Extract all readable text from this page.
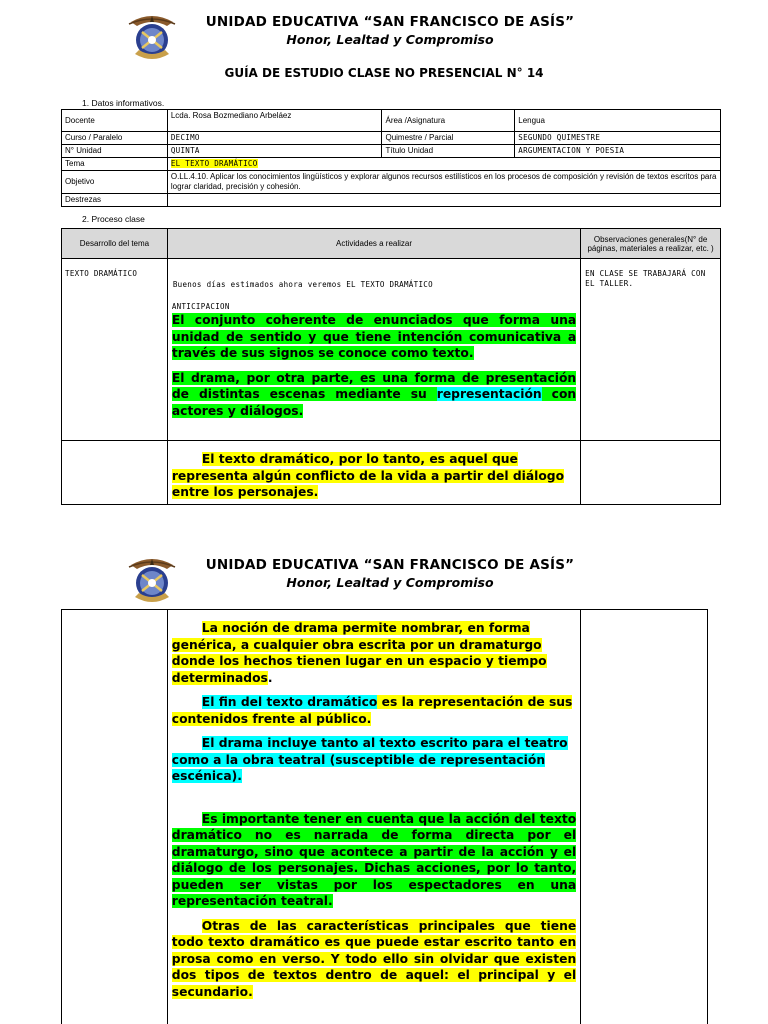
UNIDAD EDUCATIVA “SAN FRANCISCO DE ASÍS”
Honor, Lealtad y Compromiso
GUÍA DE ESTUDIO CLASE NO PRESENCIAL N° 14
1. Datos informativos.
Docente	Lcda. Rosa Bozmediano Arbeláez	Área /Asignatura	Lengua
Curso / Paralelo	DECIMO	Quimestre / Parcial	SEGUNDO QUIMESTRE
N° Unidad	QUINTA	Título Unidad	ARGUMENTACION Y POESIA
Tema	EL TEXTO DRAMÁTICO		
Objetivo	O.LL.4.10. Aplicar los conocimientos lingüísticos y explorar algunos recursos estilísticos en los procesos de composición y revisión de textos escritos para lograr claridad, precisión y cohesión.		
Destrezas			
2. Proceso clase
Desarrollo del tema	Actividades a realizar	Observaciones generales(N° de páginas, materiales a realizar, etc. )
TEXTO DRAMÁTICO	Buenos días estimados ahora veremos EL TEXTO DRAMÁTICO
ANTICIPACION
El conjunto coherente de enunciados que forma una unidad de sentido y que tiene intención comunicativa a través de sus signos se conoce como texto.
El drama, por otra parte, es una forma de presentación de distintas escenas mediante su representación con actores y diálogos.	EN CLASE SE TRABAJARÁ CON EL TALLER.

	El texto dramático, por lo tanto, es aquel que representa algún conflicto de la vida a partir del diálogo entre los personajes.	

UNIDAD EDUCATIVA “SAN FRANCISCO DE ASÍS”
Honor, Lealtad y Compromiso

La noción de drama permite nombrar, en forma genérica, a cualquier obra escrita por un dramaturgo donde los hechos tienen lugar en un espacio y tiempo determinados.
El fin del texto dramático es la representación de sus contenidos frente al público.
El drama incluye tanto al texto escrito para el teatro como a la obra teatral (susceptible de representación escénica).
Es importante tener en cuenta que la acción del texto dramático no es narrada de forma directa por el dramaturgo, sino que acontece a partir de la acción y el diálogo de los personajes. Dichas acciones, por lo tanto, pueden ser vistas por los espectadores en una representación teatral.
Otras de las características principales que tiene todo texto dramático es que puede estar escrito tanto en prosa como en verso. Y todo ello sin olvidar que existen dos tipos de textos dentro de aquel: el principal y el secundario.
